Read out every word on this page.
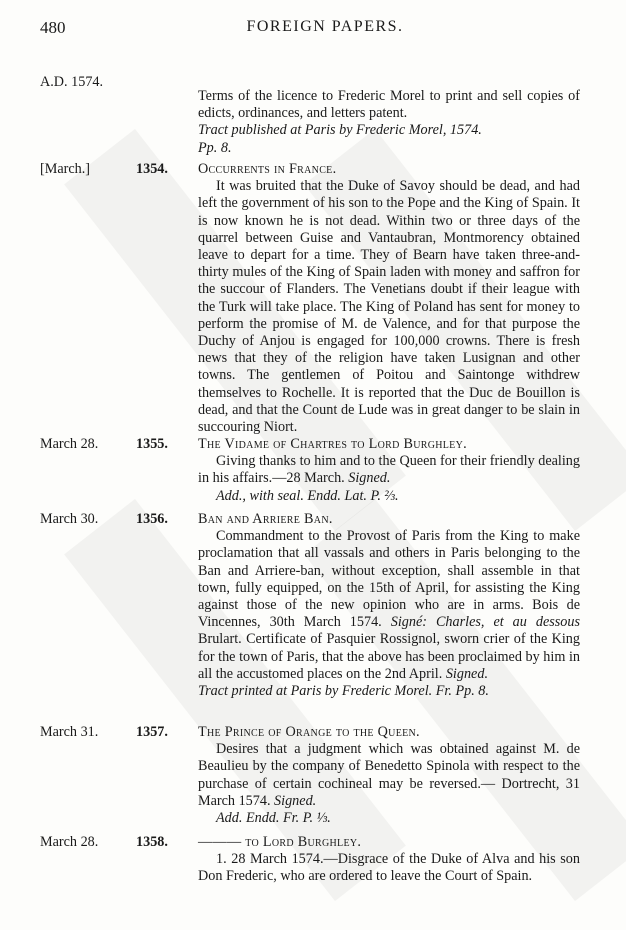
480	FOREIGN PAPERS.
A.D. 1574.

Terms of the licence to Frederic Morel to print and sell copies of edicts, ordinances, and letters patent.

Tract published at Paris by Frederic Morel, 1574.

Pp. 8.

[March.]	1354. Occurrents in France.

It was bruited that the Duke of Savoy should be dead, and had left the government of his son to the Pope and the King of Spain. It is now known he is not dead. Within two or three days of the quarrel between Guise and Vantaubran, Montmorency obtained leave to depart for a time. They of Bearn have taken three-and-thirty mules of the King of Spain laden with money and saffron for the succour of Flanders. The Venetians doubt if their league with the Turk will take place. The King of Poland has sent for money to perform the promise of M. de Valence, and for that purpose the Duchy of Anjou is engaged for 100,000 crowns. There is fresh news that they of the religion have taken Lusignan and other towns. The gentlemen of Poitou and Saintonge withdrew themselves to Rochelle. It is reported that the Duc de Bouillon is dead, and that the Count de Lude was in great danger to be slain in succouring Niort.

March 28.	1355. The Vidame of Chartres to Lord Burghley.

Giving thanks to him and to the Queen for their friendly dealing in his affairs.—28 March. Signed.

Add., with seal. Endd. Lat. P. ⅔.

March 30.	1356. Ban and Arriere Ban.

Commandment to the Provost of Paris from the King to make proclamation that all vassals and others in Paris belonging to the Ban and Arriere-ban, without exception, shall assemble in that town, fully equipped, on the 15th of April, for assisting the King against those of the new opinion who are in arms. Bois de Vincennes, 30th March 1574. Signé: Charles, et au dessous Brulart. Certificate of Pasquier Rossignol, sworn crier of the King for the town of Paris, that the above has been proclaimed by him in all the accustomed places on the 2nd April. Signed.

Tract printed at Paris by Frederic Morel. Fr. Pp. 8.

March 31.	1357. The Prince of Orange to the Queen.

Desires that a judgment which was obtained against M. de Beaulieu by the company of Benedetto Spinola with respect to the purchase of certain cochineal may be reversed.— Dortrecht, 31 March 1574. Signed.

Add. Endd. Fr. P. ⅓.

March 28.	1358. ——— to Lord Burghley.

1. 28 March 1574.—Disgrace of the Duke of Alva and his son Don Frederic, who are ordered to leave the Court of Spain.
